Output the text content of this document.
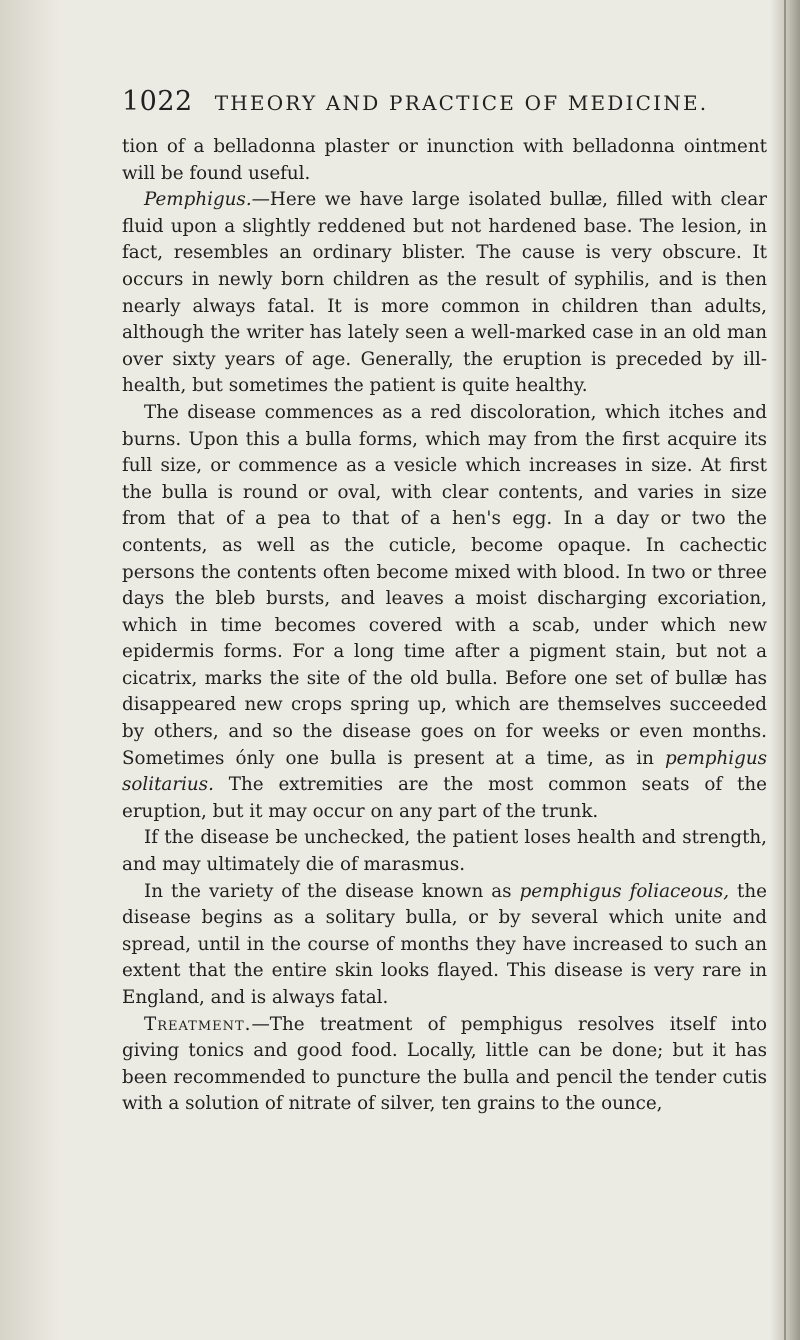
1022 THEORY AND PRACTICE OF MEDICINE.

tion of a belladonna plaster or inunction with belladonna ointment will be found useful.

Pemphigus.—Here we have large isolated bullæ, filled with clear fluid upon a slightly reddened but not hardened base. The lesion, in fact, resembles an ordinary blister. The cause is very obscure. It occurs in newly born children as the result of syphilis, and is then nearly always fatal. It is more common in children than adults, although the writer has lately seen a well-marked case in an old man over sixty years of age. Generally, the eruption is preceded by ill-health, but sometimes the patient is quite healthy.

The disease commences as a red discoloration, which itches and burns. Upon this a bulla forms, which may from the first acquire its full size, or commence as a vesicle which increases in size. At first the bulla is round or oval, with clear contents, and varies in size from that of a pea to that of a hen's egg. In a day or two the contents, as well as the cuticle, become opaque. In cachectic persons the contents often become mixed with blood. In two or three days the bleb bursts, and leaves a moist discharging excoriation, which in time becomes covered with a scab, under which new epidermis forms. For a long time after a pigment stain, but not a cicatrix, marks the site of the old bulla. Before one set of bullæ has disappeared new crops spring up, which are themselves succeeded by others, and so the disease goes on for weeks or even months. Sometimes ónly one bulla is present at a time, as in pemphigus solitarius. The extremities are the most common seats of the eruption, but it may occur on any part of the trunk.

If the disease be unchecked, the patient loses health and strength, and may ultimately die of marasmus.

In the variety of the disease known as pemphigus foliaceous, the disease begins as a solitary bulla, or by several which unite and spread, until in the course of months they have increased to such an extent that the entire skin looks flayed. This disease is very rare in England, and is always fatal.

Treatment.—The treatment of pemphigus resolves itself into giving tonics and good food. Locally, little can be done; but it has been recommended to puncture the bulla and pencil the tender cutis with a solution of nitrate of silver, ten grains to the ounce,
